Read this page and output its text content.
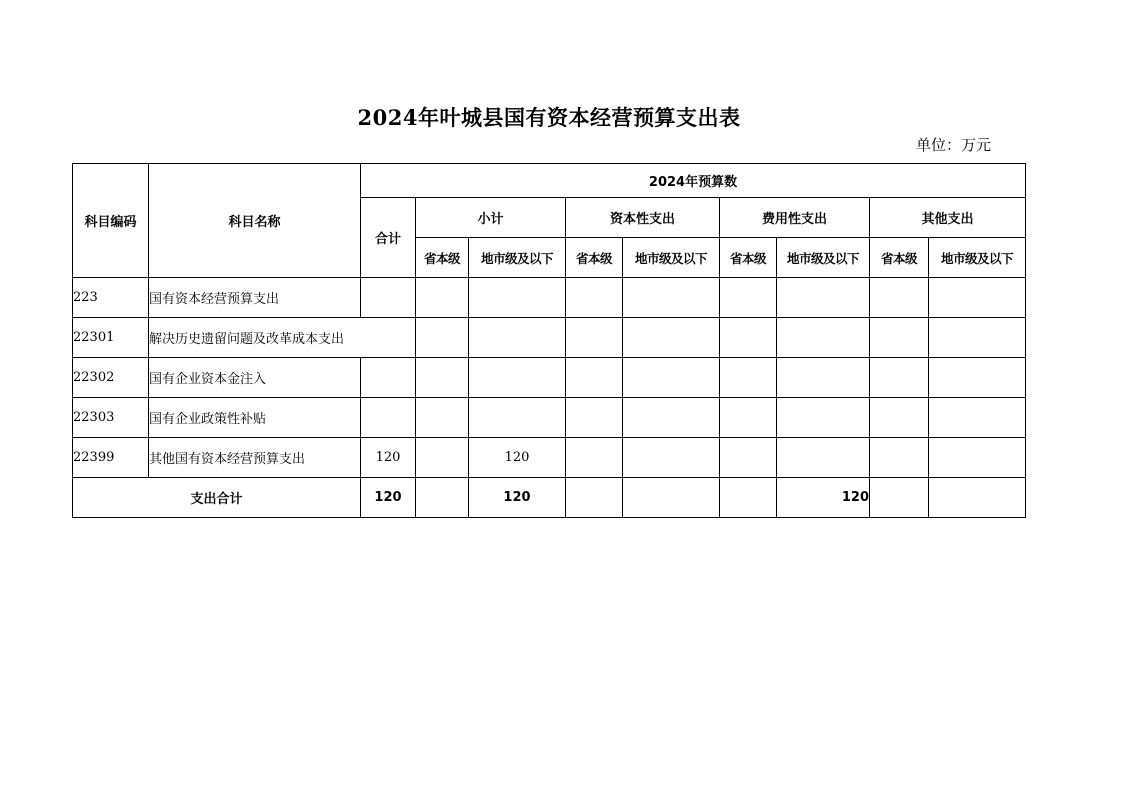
2024年叶城县国有资本经营预算支出表
单位：万元
科目编码	科目名称	2024年预算数								
		合计	小计		资本性支出		费用性支出		其他支出	
			省本级	地市级及以下	省本级	地市级及以下	省本级	地市级及以下	省本级	地市级及以下
223	国有资本经营预算支出									
22301	解决历史遗留问题及改革成本支出									
22302	国有企业资本金注入									
22303	国有企业政策性补贴									
22399	其他国有资本经营预算支出	120		120						
支出合计		120		120				120		
